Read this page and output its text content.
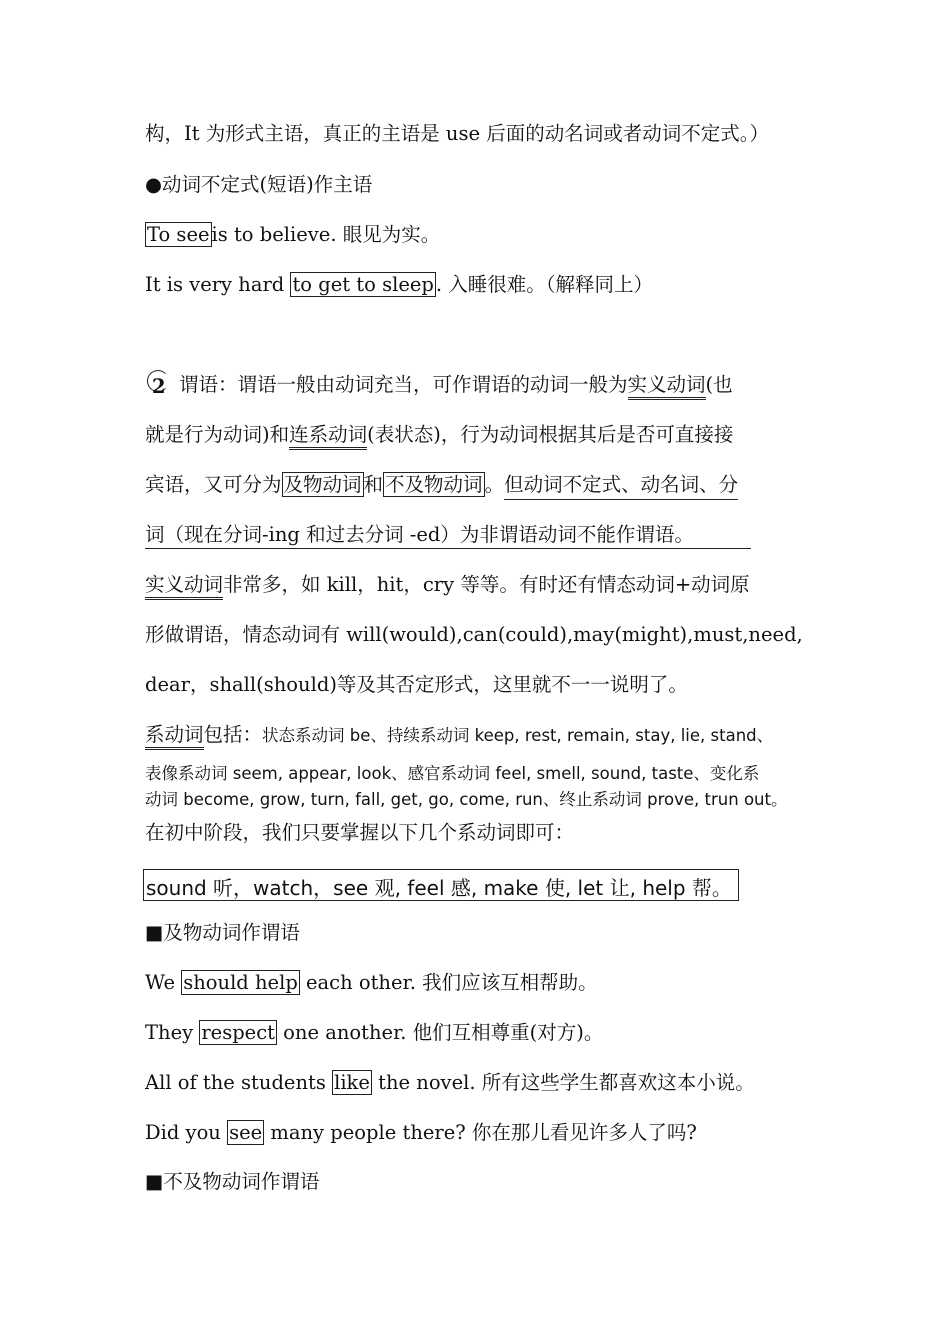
构，It 为形式主语，真正的主语是 use 后面的动名词或者动词不定式。）
●动词不定式(短语)作主语
To see is to believe. 眼见为实。
It is very hard to get to sleep . 入睡很难。（解释同上）
2 谓语：谓语一般由动词充当，可作谓语的动词一般为实义动词(也
就是行为动词)和连系动词(表状态)，行为动词根据其后是否可直接接
宾语，又可分为 及物动词 和 不及物动词 。但动词不定式、动名词、分
词（现在分词-ing 和过去分词 -ed）为非谓语动词不能作谓语。
实义动词非常多，如 kill，hit，cry 等等。有时还有情态动词+动词原
形做谓语，情态动词有 will(would),can(could),may(might),must,need,
dear，shall(should)等及其否定形式，这里就不一一说明了。
系动词包括：状态系动词 be、持续系动词 keep, rest, remain, stay, lie, stand、
表像系动词 seem, appear, look、感官系动词 feel, smell, sound, taste、变化系
动词 become, grow, turn, fall, get, go, come, run、终止系动词 prove, trun out。
在初中阶段，我们只要掌握以下几个系动词即可：
sound 听，watch，see 观, feel 感, make 使, let 让, help 帮。
■及物动词作谓语
We should help each other. 我们应该互相帮助。
They respect one another. 他们互相尊重(对方)。
All of the students like the novel. 所有这些学生都喜欢这本小说。
Did you see many people there? 你在那儿看见许多人了吗?
■不及物动词作谓语
